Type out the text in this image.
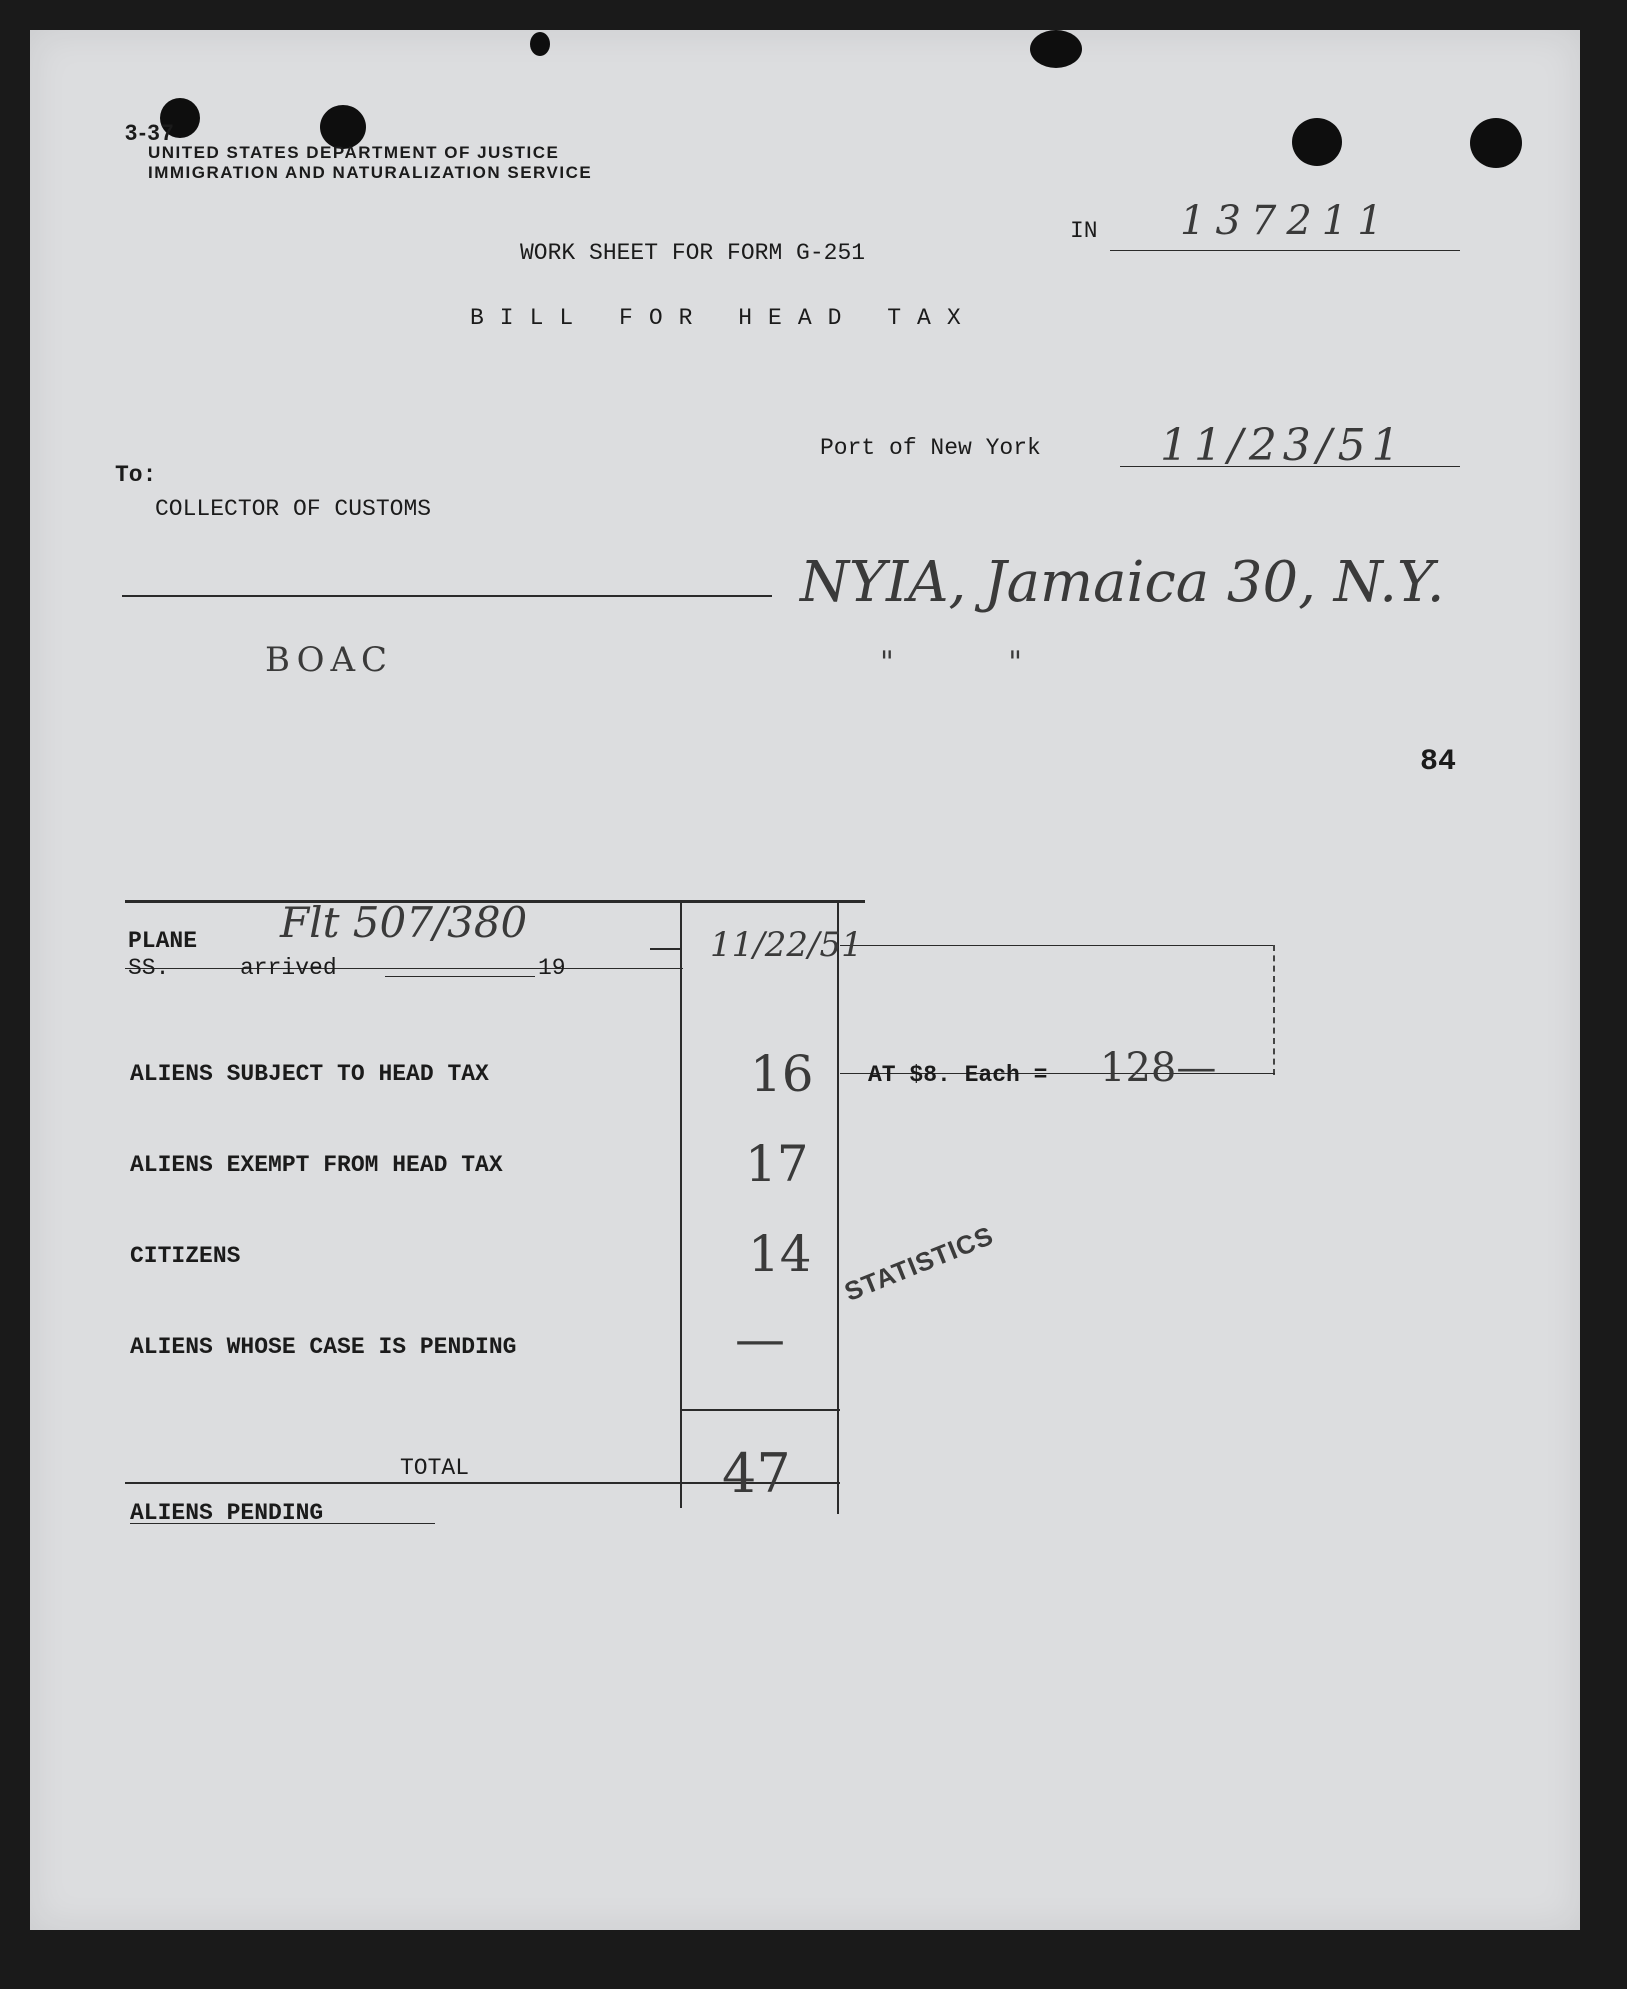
3-37
UNITED STATES DEPARTMENT OF JUSTICE
IMMIGRATION AND NATURALIZATION SERVICE
IN 137211
WORK SHEET FOR FORM G-251
BILL FOR HEAD TAX
Port of New York	11/23/51
To:
COLLECTOR OF CUSTOMS
NYIA, Jamaica 30, N.Y.
BOAC	"            "
84
PLANE
SS.	arrived	19
Flt 507/380	11/22/51
ALIENS SUBJECT TO HEAD TAX	16 AT $8. Each = 128—
ALIENS EXEMPT FROM HEAD TAX	17
CITIZENS	14
ALIENS WHOSE CASE IS PENDING	—
TOTAL	47
ALIENS PENDING
STATISTICS
